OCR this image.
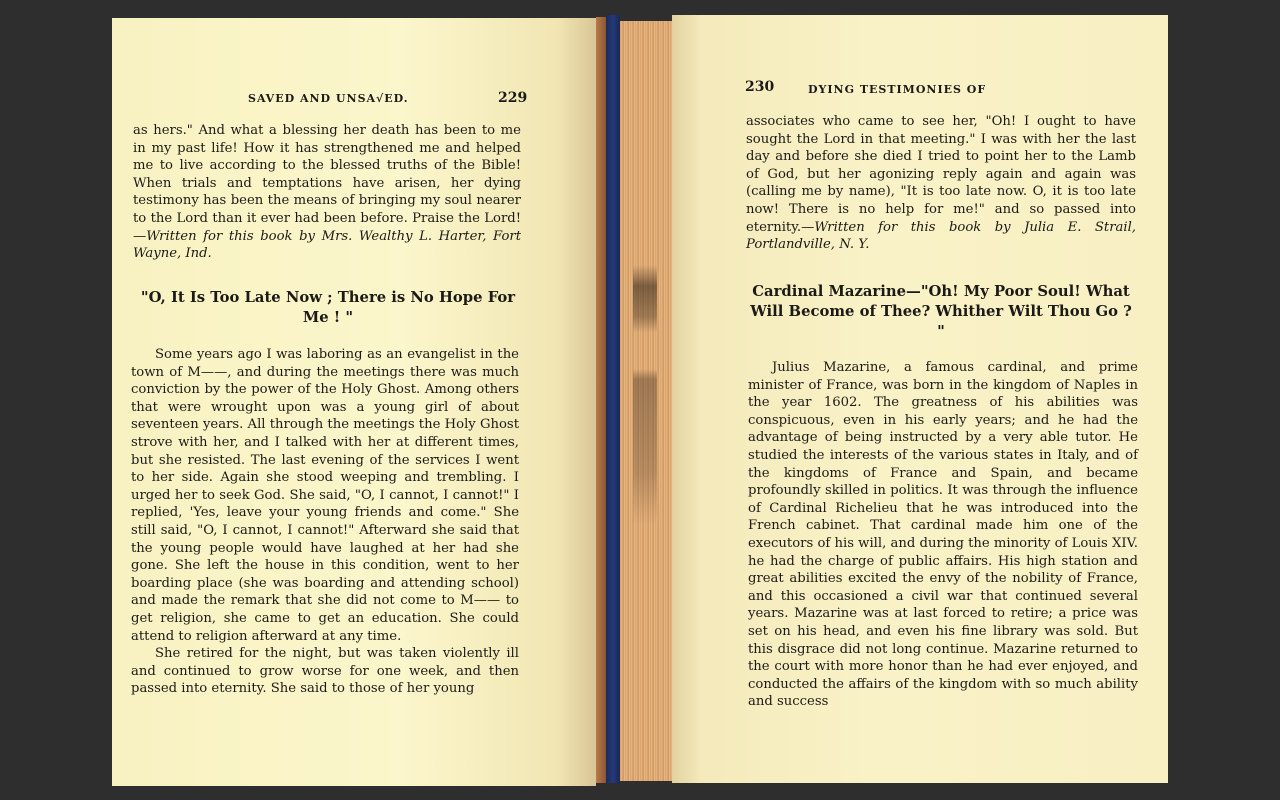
SAVED AND UNSA√ED.	229

as hers." And what a blessing her death has been to me in my past life! How it has strengthened me and helped me to live according to the blessed truths of the Bible! When trials and temptations have arisen, her dying testimony has been the means of bringing my soul nearer to the Lord than it ever had been before. Praise the Lord!—Written for this book by Mrs. Wealthy L. Harter, Fort Wayne, Ind.

"O, It Is Too Late Now ; There is No Hope For Me ! "

Some years ago I was laboring as an evangelist in the town of M——, and during the meetings there was much conviction by the power of the Holy Ghost. Among others that were wrought upon was a young girl of about seventeen years. All through the meetings the Holy Ghost strove with her, and I talked with her at different times, but she resisted. The last evening of the services I went to her side. Again she stood weeping and trembling. I urged her to seek God. She said, "O, I cannot, I cannot!" I replied, 'Yes, leave your young friends and come." She still said, "O, I cannot, I cannot!" Afterward she said that the young people would have laughed at her had she gone. She left the house in this condition, went to her boarding place (she was boarding and attending school) and made the remark that she did not come to M—— to get religion, she came to get an education. She could attend to religion afterward at any time.

She retired for the night, but was taken violently ill and continued to grow worse for one week, and then passed into eternity. She said to those of her young

230	DYING TESTIMONIES OF

associates who came to see her, "Oh! I ought to have sought the Lord in that meeting." I was with her the last day and before she died I tried to point her to the Lamb of God, but her agonizing reply again and again was (calling me by name), "It is too late now. O, it is too late now! There is no help for me!" and so passed into eternity.—Written for this book by Julia E. Strail, Portlandville, N. Y.

Cardinal Mazarine—"Oh! My Poor Soul! What Will Become of Thee? Whither Wilt Thou Go ? "

Julius Mazarine, a famous cardinal, and prime minister of France, was born in the kingdom of Naples in the year 1602. The greatness of his abilities was conspicuous, even in his early years; and he had the advantage of being instructed by a very able tutor. He studied the interests of the various states in Italy, and of the kingdoms of France and Spain, and became profoundly skilled in politics. It was through the influence of Cardinal Richelieu that he was introduced into the French cabinet. That cardinal made him one of the executors of his will, and during the minority of Louis XIV. he had the charge of public affairs. His high station and great abilities excited the envy of the nobility of France, and this occasioned a civil war that continued several years. Mazarine was at last forced to retire; a price was set on his head, and even his fine library was sold. But this disgrace did not long continue. Mazarine returned to the court with more honor than he had ever enjoyed, and conducted the affairs of the kingdom with so much ability and success
